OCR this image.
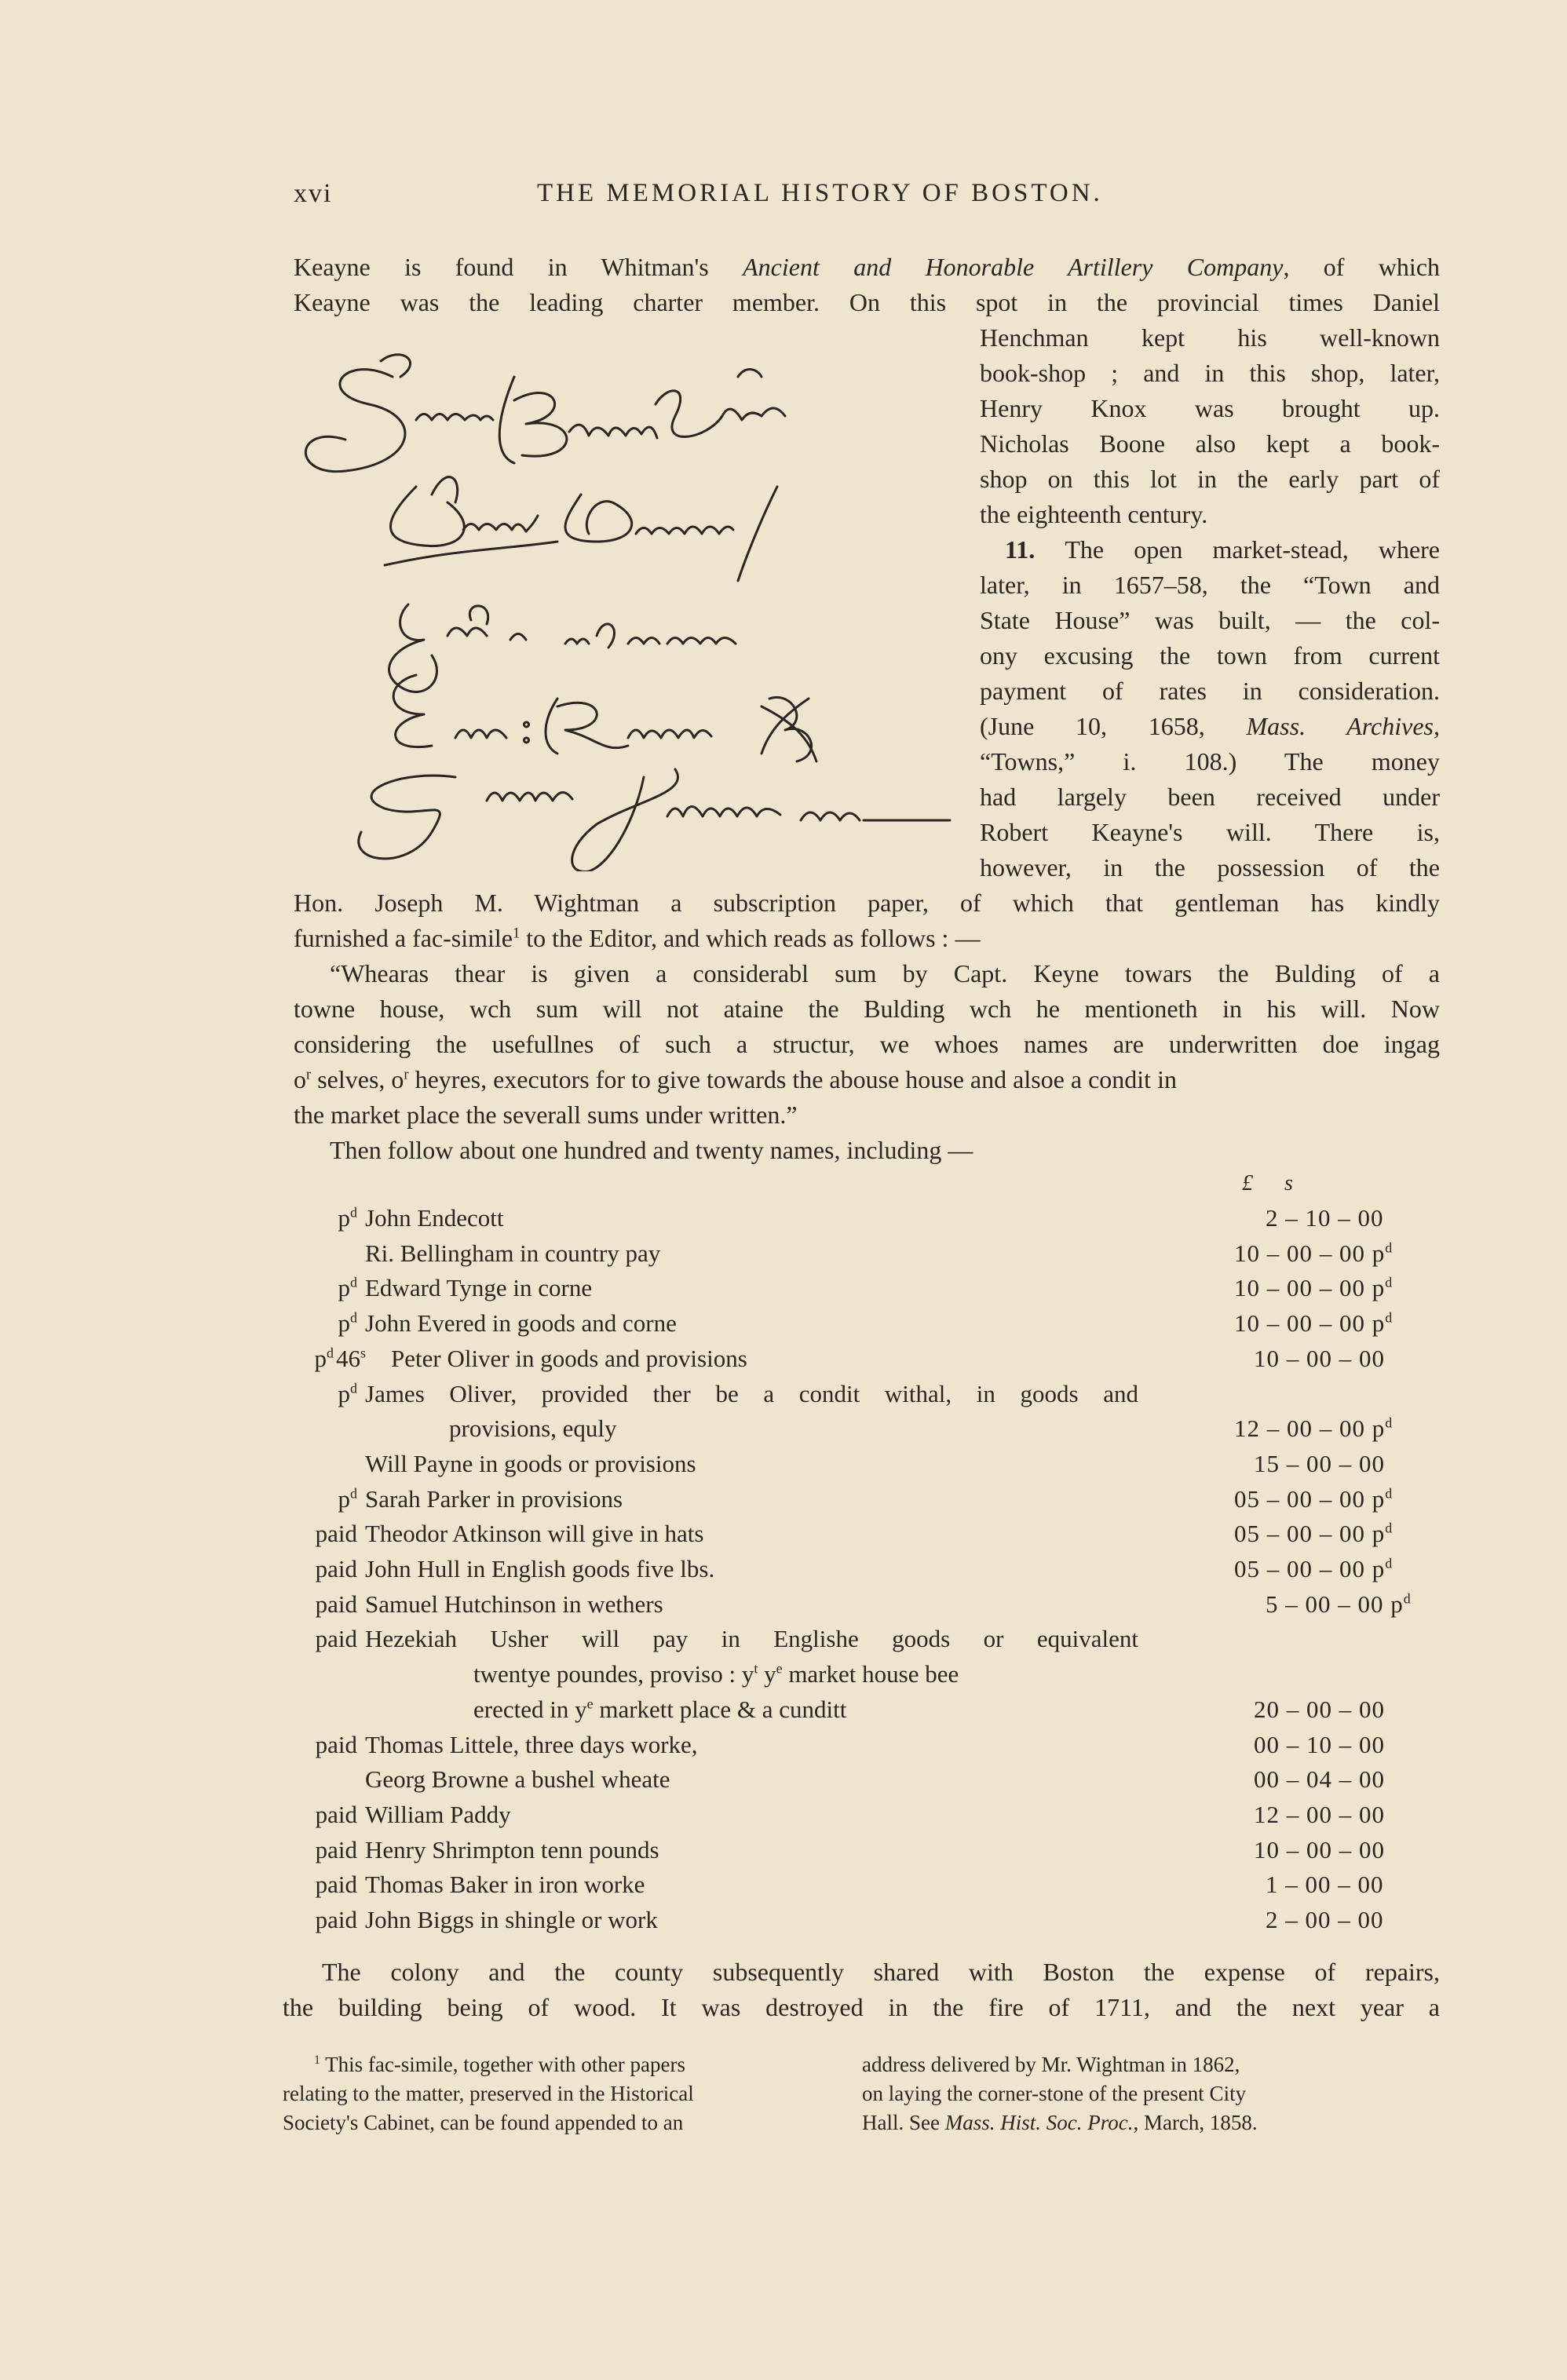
xvi	THE MEMORIAL HISTORY OF BOSTON.
Keayne is found in Whitman's Ancient and Honorable Artillery Company, of which
Keayne was the leading charter member. On this spot in the provincial times Daniel
Henchman kept his well-known
book-shop ; and in this shop, later,
Henry Knox was brought up.
Nicholas Boone also kept a book-
shop on this lot in the early part of
the eighteenth century.
11. The open market-stead, where
later, in 1657–58, the “Town and
State House” was built, — the col-
ony excusing the town from current
payment of rates in consideration.
(June 10, 1658, Mass. Archives,
“Towns,” i. 108.) The money
had largely been received under
Robert Keayne's will. There is,
however, in the possession of the
Hon. Joseph M. Wightman a subscription paper, of which that gentleman has kindly
furnished a fac-simile$^1$ to the Editor, and which reads as follows : —
“Whearas thear is given a considerabl sum by Capt. Keyne towars the Bulding of a
towne house, wch sum will not ataine the Bulding wch he mentioneth in his will. Now
considering the usefullnes of such a structur, we whoes names are underwritten doe ingag
$o^r$ selves, $o^r$ heyres, executors for to give towards the abouse house and alsoe a condit in
the market place the severall sums under written.”
Then follow about one hundred and twenty names, including —
£ s
$p^d$ John Endecott	2 – 10 – 00
Ri. Bellingham in country pay	10 – 00 – 00 $p^d$
$p^d$ Edward Tynge in corne	10 – 00 – 00 $p^d$
$p^d$ John Evered in goods and corne	10 – 00 – 00 $p^d$
$p^d$ 46$^s$ Peter Oliver in goods and provisions	10 – 00 – 00
$p^d$ James Oliver, provided ther be a condit withal, in goods and
provisions, equly	12 – 00 – 00 $p^d$
Will Payne in goods or provisions	15 – 00 – 00
$p^d$ Sarah Parker in provisions	05 – 00 – 00 $p^d$
paid Theodor Atkinson will give in hats	05 – 00 – 00 $p^d$
paid John Hull in English goods five lbs.	05 – 00 – 00 $p^d$
paid Samuel Hutchinson in wethers	5 – 00 – 00 $p^d$
paid Hezekiah Usher will pay in Englishe goods or equivalent
twentye poundes, proviso : $y^t$ $y^e$ market house bee
erected in $y^e$ markett place & a cunditt	20 – 00 – 00
paid Thomas Littele, three days worke,	00 – 10 – 00
Georg Browne a bushel wheate	00 – 04 – 00
paid William Paddy	12 – 00 – 00
paid Henry Shrimpton tenn pounds	10 – 00 – 00
paid Thomas Baker in iron worke	1 – 00 – 00
paid John Biggs in shingle or work	2 – 00 – 00
The colony and the county subsequently shared with Boston the expense of repairs,
the building being of wood. It was destroyed in the fire of 1711, and the next year a
$^1$ This fac-simile, together with other papers
relating to the matter, preserved in the Historical
Society's Cabinet, can be found appended to an
address delivered by Mr. Wightman in 1862,
on laying the corner-stone of the present City
Hall. See Mass. Hist. Soc. Proc., March, 1858.
